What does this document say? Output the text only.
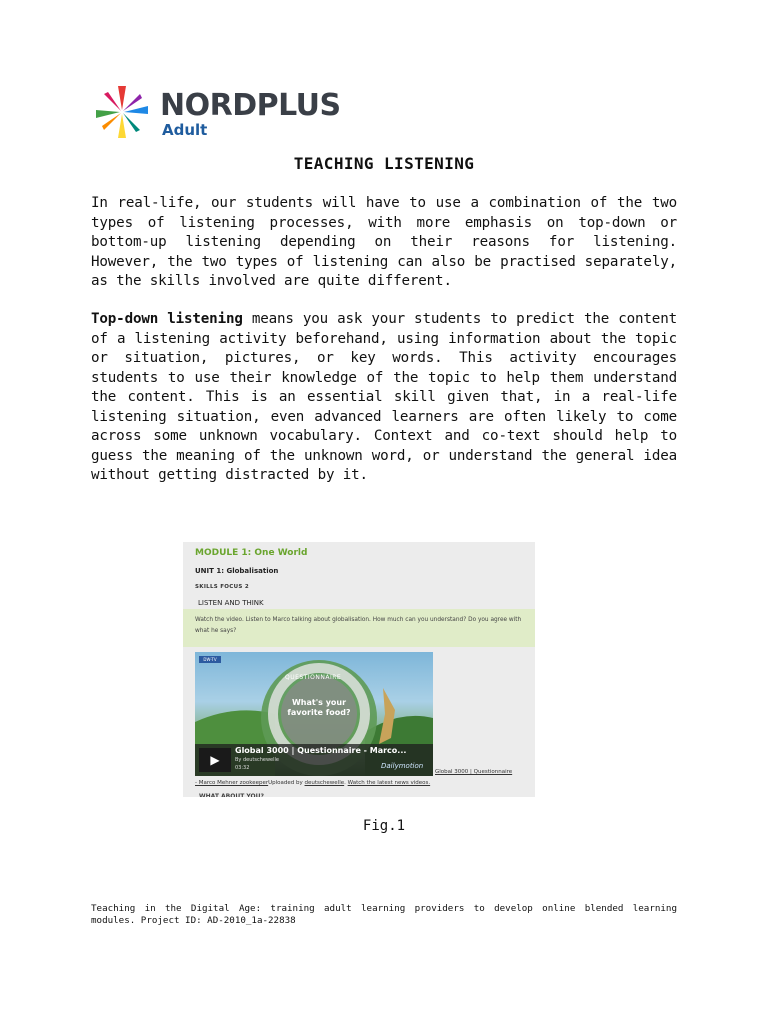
NORDPLUS
Adult
TEACHING LISTENING

In real-life, our students will have to use a combination of the two types of listening processes, with more emphasis on top-down or bottom-up listening depending on their reasons for listening. However, the two types of listening can also be practised separately, as the skills involved are quite different.

Top-down listening means you ask your students to predict the content of a listening activity beforehand, using information about the topic or situation, pictures, or key words. This activity encourages students to use their knowledge of the topic to help them understand the content. This is an essential skill given that, in a real-life listening situation, even advanced learners are often likely to come across some unknown vocabulary. Context and co-text should help to guess the meaning of the unknown word, or understand the general idea without getting distracted by it.

MODULE 1: One World
UNIT 1: Globalisation
SKILLS FOCUS 2
LISTEN AND THINK
Watch the video. Listen to Marco talking about globalisation. How much can you understand? Do you agree with what he says?
DW-TV
QUESTIONNAIRE
What's your favorite food?
▶
Global 3000 | Questionnaire - Marco...
By deutschewelle
03:32	Dailymotion
Global 3000 | Questionnaire
- Marco Mehner zookeeperUploaded by deutschewelle. Watch the latest news videos.
WHAT ABOUT YOU?
Fig.1

Teaching in the Digital Age: training adult learning providers to develop online blended learning modules. Project ID: AD-2010_1a-22838
